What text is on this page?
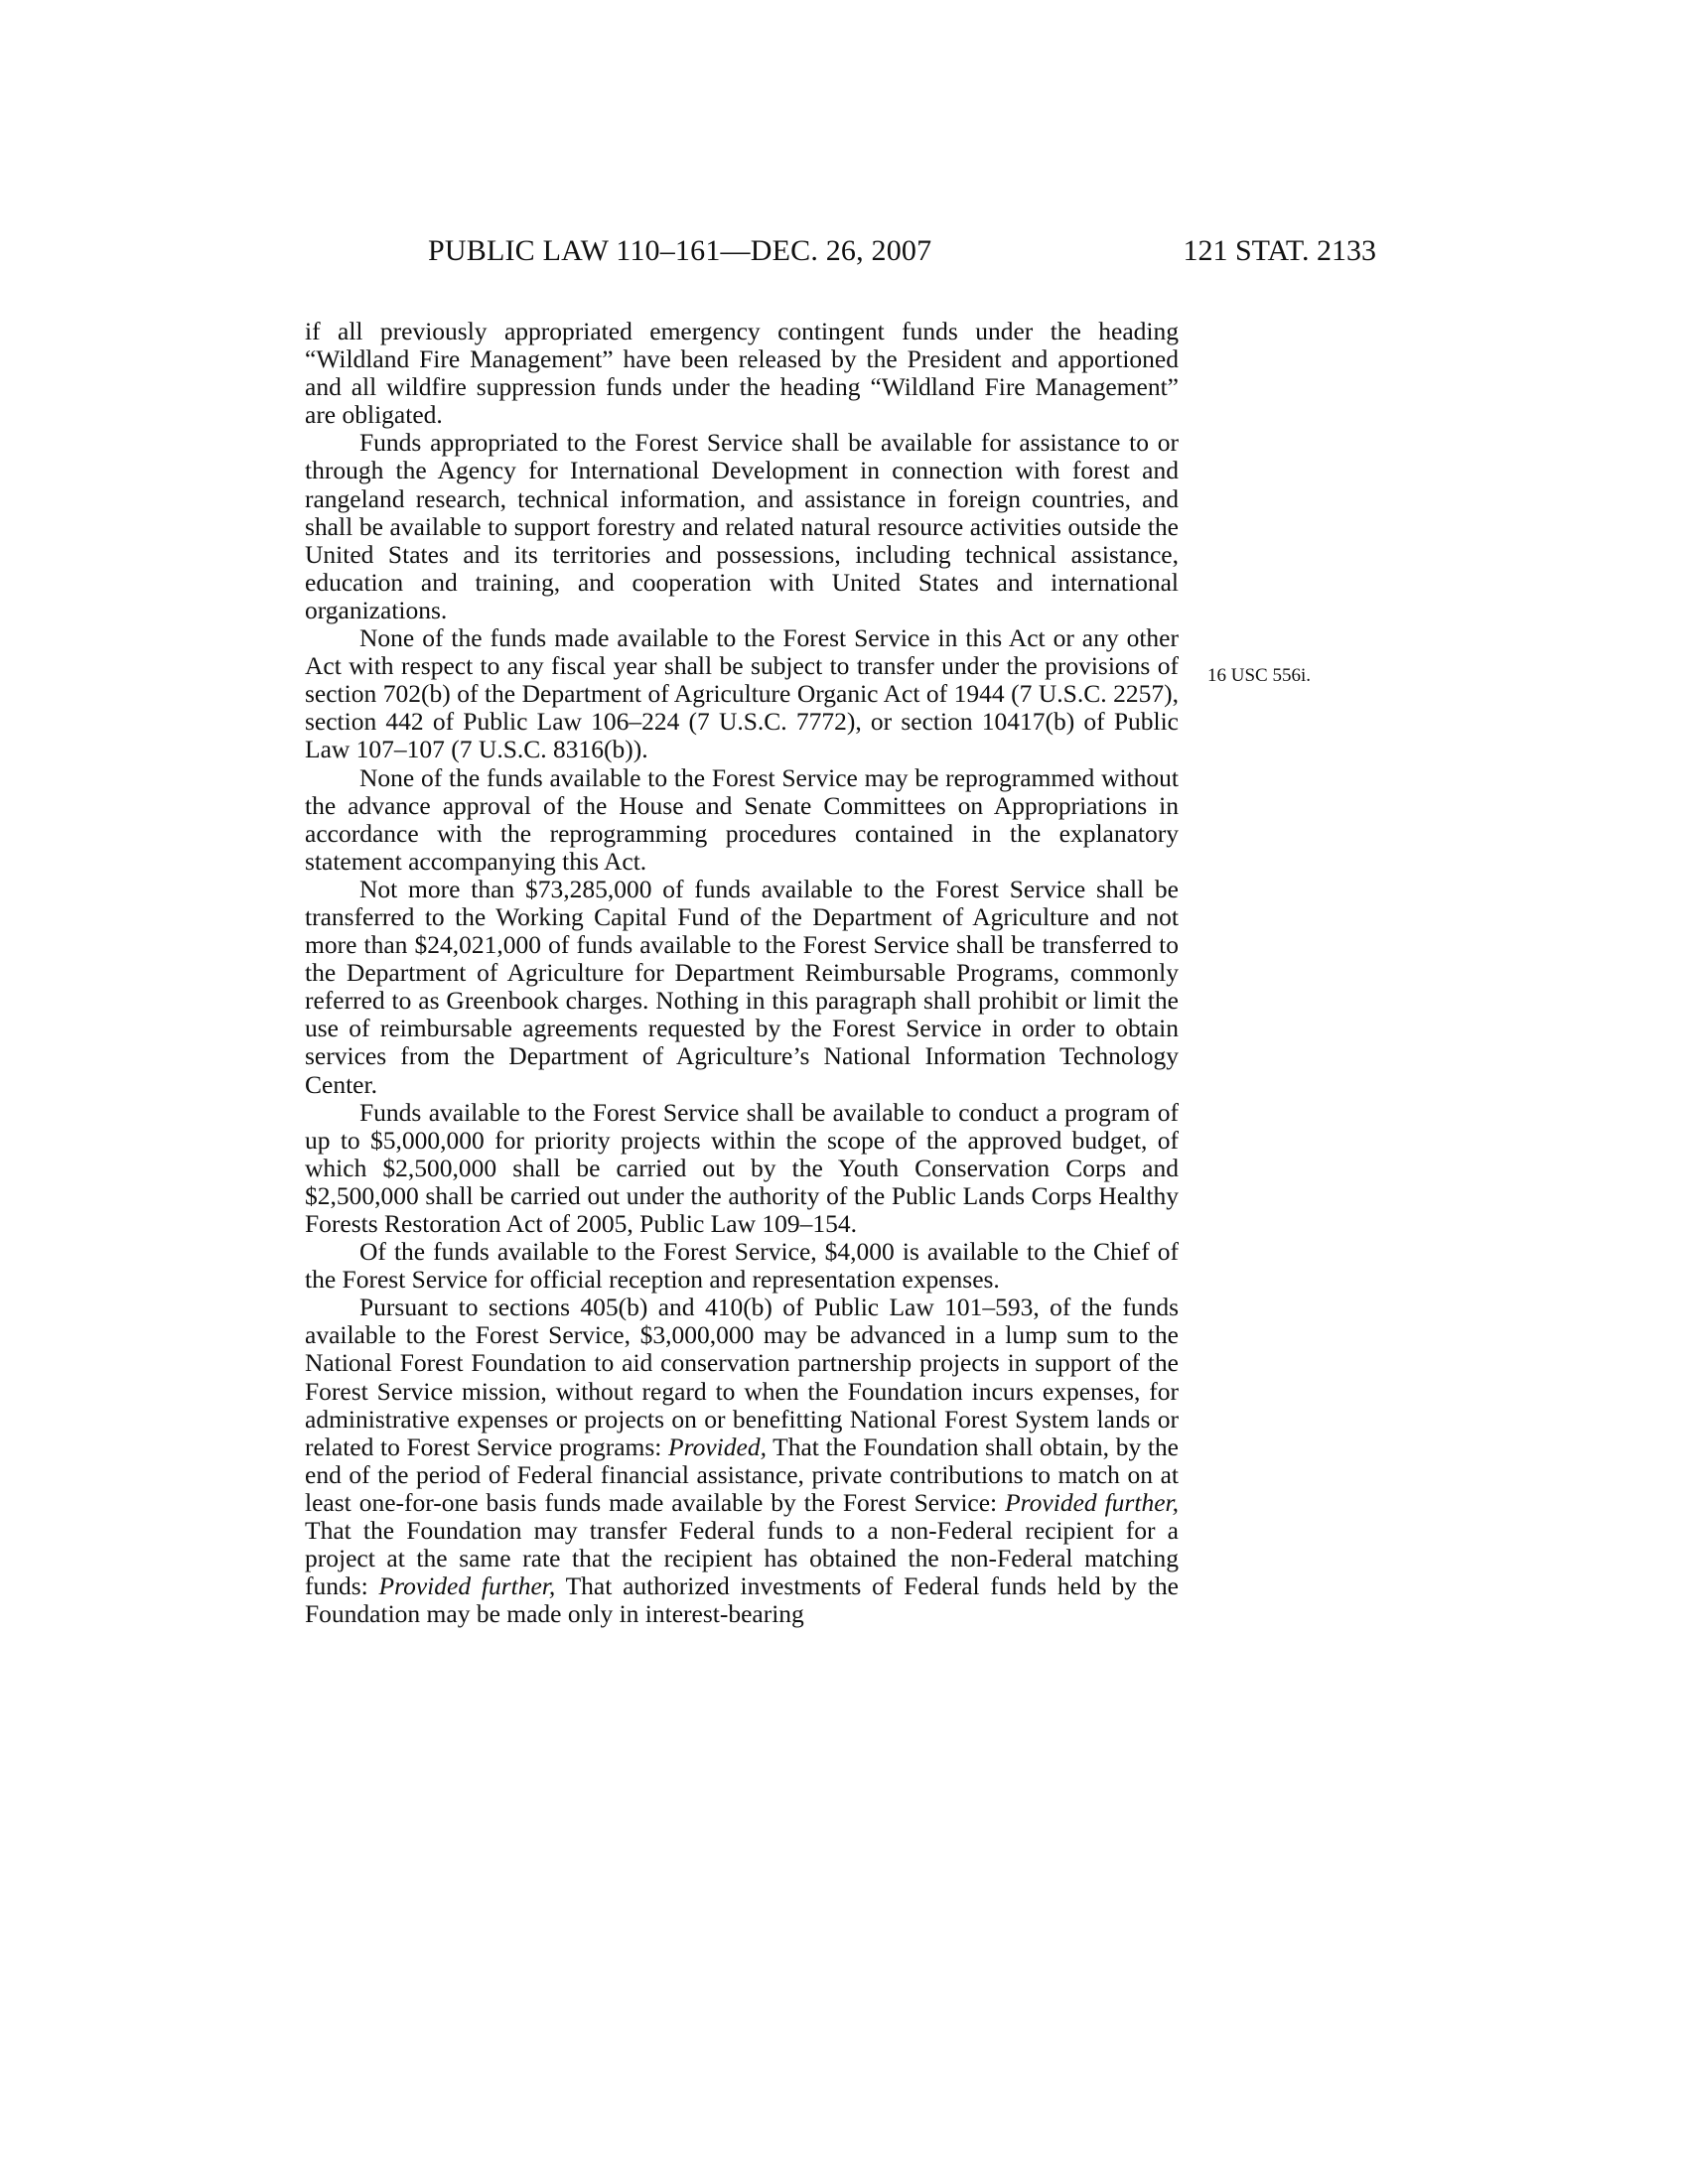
PUBLIC LAW 110–161—DEC. 26, 2007	121 STAT. 2133

if all previously appropriated emergency contingent funds under the heading “Wildland Fire Management” have been released by the President and apportioned and all wildfire suppression funds under the heading “Wildland Fire Management” are obligated.

Funds appropriated to the Forest Service shall be available for assistance to or through the Agency for International Development in connection with forest and rangeland research, technical information, and assistance in foreign countries, and shall be available to support forestry and related natural resource activities outside the United States and its territories and possessions, including technical assistance, education and training, and cooperation with United States and international organizations.

None of the funds made available to the Forest Service in this Act or any other Act with respect to any fiscal year shall be subject to transfer under the provisions of section 702(b) of the Department of Agriculture Organic Act of 1944 (7 U.S.C. 2257), section 442 of Public Law 106–224 (7 U.S.C. 7772), or section 10417(b) of Public Law 107–107 (7 U.S.C. 8316(b)).

None of the funds available to the Forest Service may be reprogrammed without the advance approval of the House and Senate Committees on Appropriations in accordance with the reprogramming procedures contained in the explanatory statement accompanying this Act.

Not more than $73,285,000 of funds available to the Forest Service shall be transferred to the Working Capital Fund of the Department of Agriculture and not more than $24,021,000 of funds available to the Forest Service shall be transferred to the Department of Agriculture for Department Reimbursable Programs, commonly referred to as Greenbook charges. Nothing in this paragraph shall prohibit or limit the use of reimbursable agreements requested by the Forest Service in order to obtain services from the Department of Agriculture’s National Information Technology Center.

Funds available to the Forest Service shall be available to conduct a program of up to $5,000,000 for priority projects within the scope of the approved budget, of which $2,500,000 shall be carried out by the Youth Conservation Corps and $2,500,000 shall be carried out under the authority of the Public Lands Corps Healthy Forests Restoration Act of 2005, Public Law 109–154.

Of the funds available to the Forest Service, $4,000 is available to the Chief of the Forest Service for official reception and representation expenses.

Pursuant to sections 405(b) and 410(b) of Public Law 101–593, of the funds available to the Forest Service, $3,000,000 may be advanced in a lump sum to the National Forest Foundation to aid conservation partnership projects in support of the Forest Service mission, without regard to when the Foundation incurs expenses, for administrative expenses or projects on or benefitting National Forest System lands or related to Forest Service programs: Provided, That the Foundation shall obtain, by the end of the period of Federal financial assistance, private contributions to match on at least one-for-one basis funds made available by the Forest Service: Provided further, That the Foundation may transfer Federal funds to a non-Federal recipient for a project at the same rate that the recipient has obtained the non-Federal matching funds: Provided further, That authorized investments of Federal funds held by the Foundation may be made only in interest-bearing

16 USC 556i.
